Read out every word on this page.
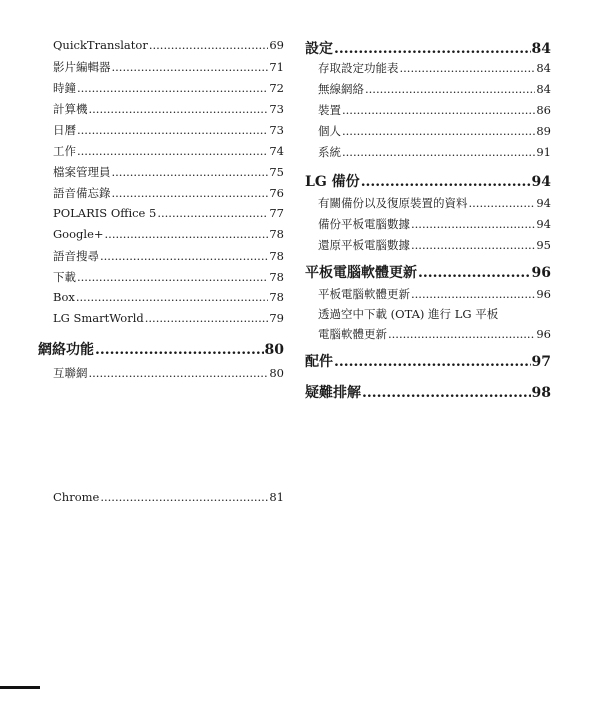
QuickTranslator .....	69
影片編輯器 .....	71
時鐘 .....	72
計算機 .....	73
日曆 .....	73
工作 .....	74
檔案管理員 .....	75
語音備忘錄 .....	76
POLARIS Office 5 .....	77
Google+ .....	78
語音搜尋 .....	78
下載 .....	78
Box .....	78
LG SmartWorld .....	79
網絡功能 .....	80
互聯網 .....	80
Chrome .....	81
設定 .....	84
存取設定功能表 .....	84
無線網絡 .....	84
裝置 .....	86
個人 .....	89
系統 .....	91
LG 備份 .....	94
有關備份以及復原裝置的資料 .....	94
備份平板電腦數據 .....	94
還原平板電腦數據 .....	95
平板電腦軟體更新 .....	96
平板電腦軟體更新 .....	96
透過空中下載 (OTA) 進行 LG 平板
電腦軟體更新 .....	96
配件 .....	97
疑難排解 .....	98
